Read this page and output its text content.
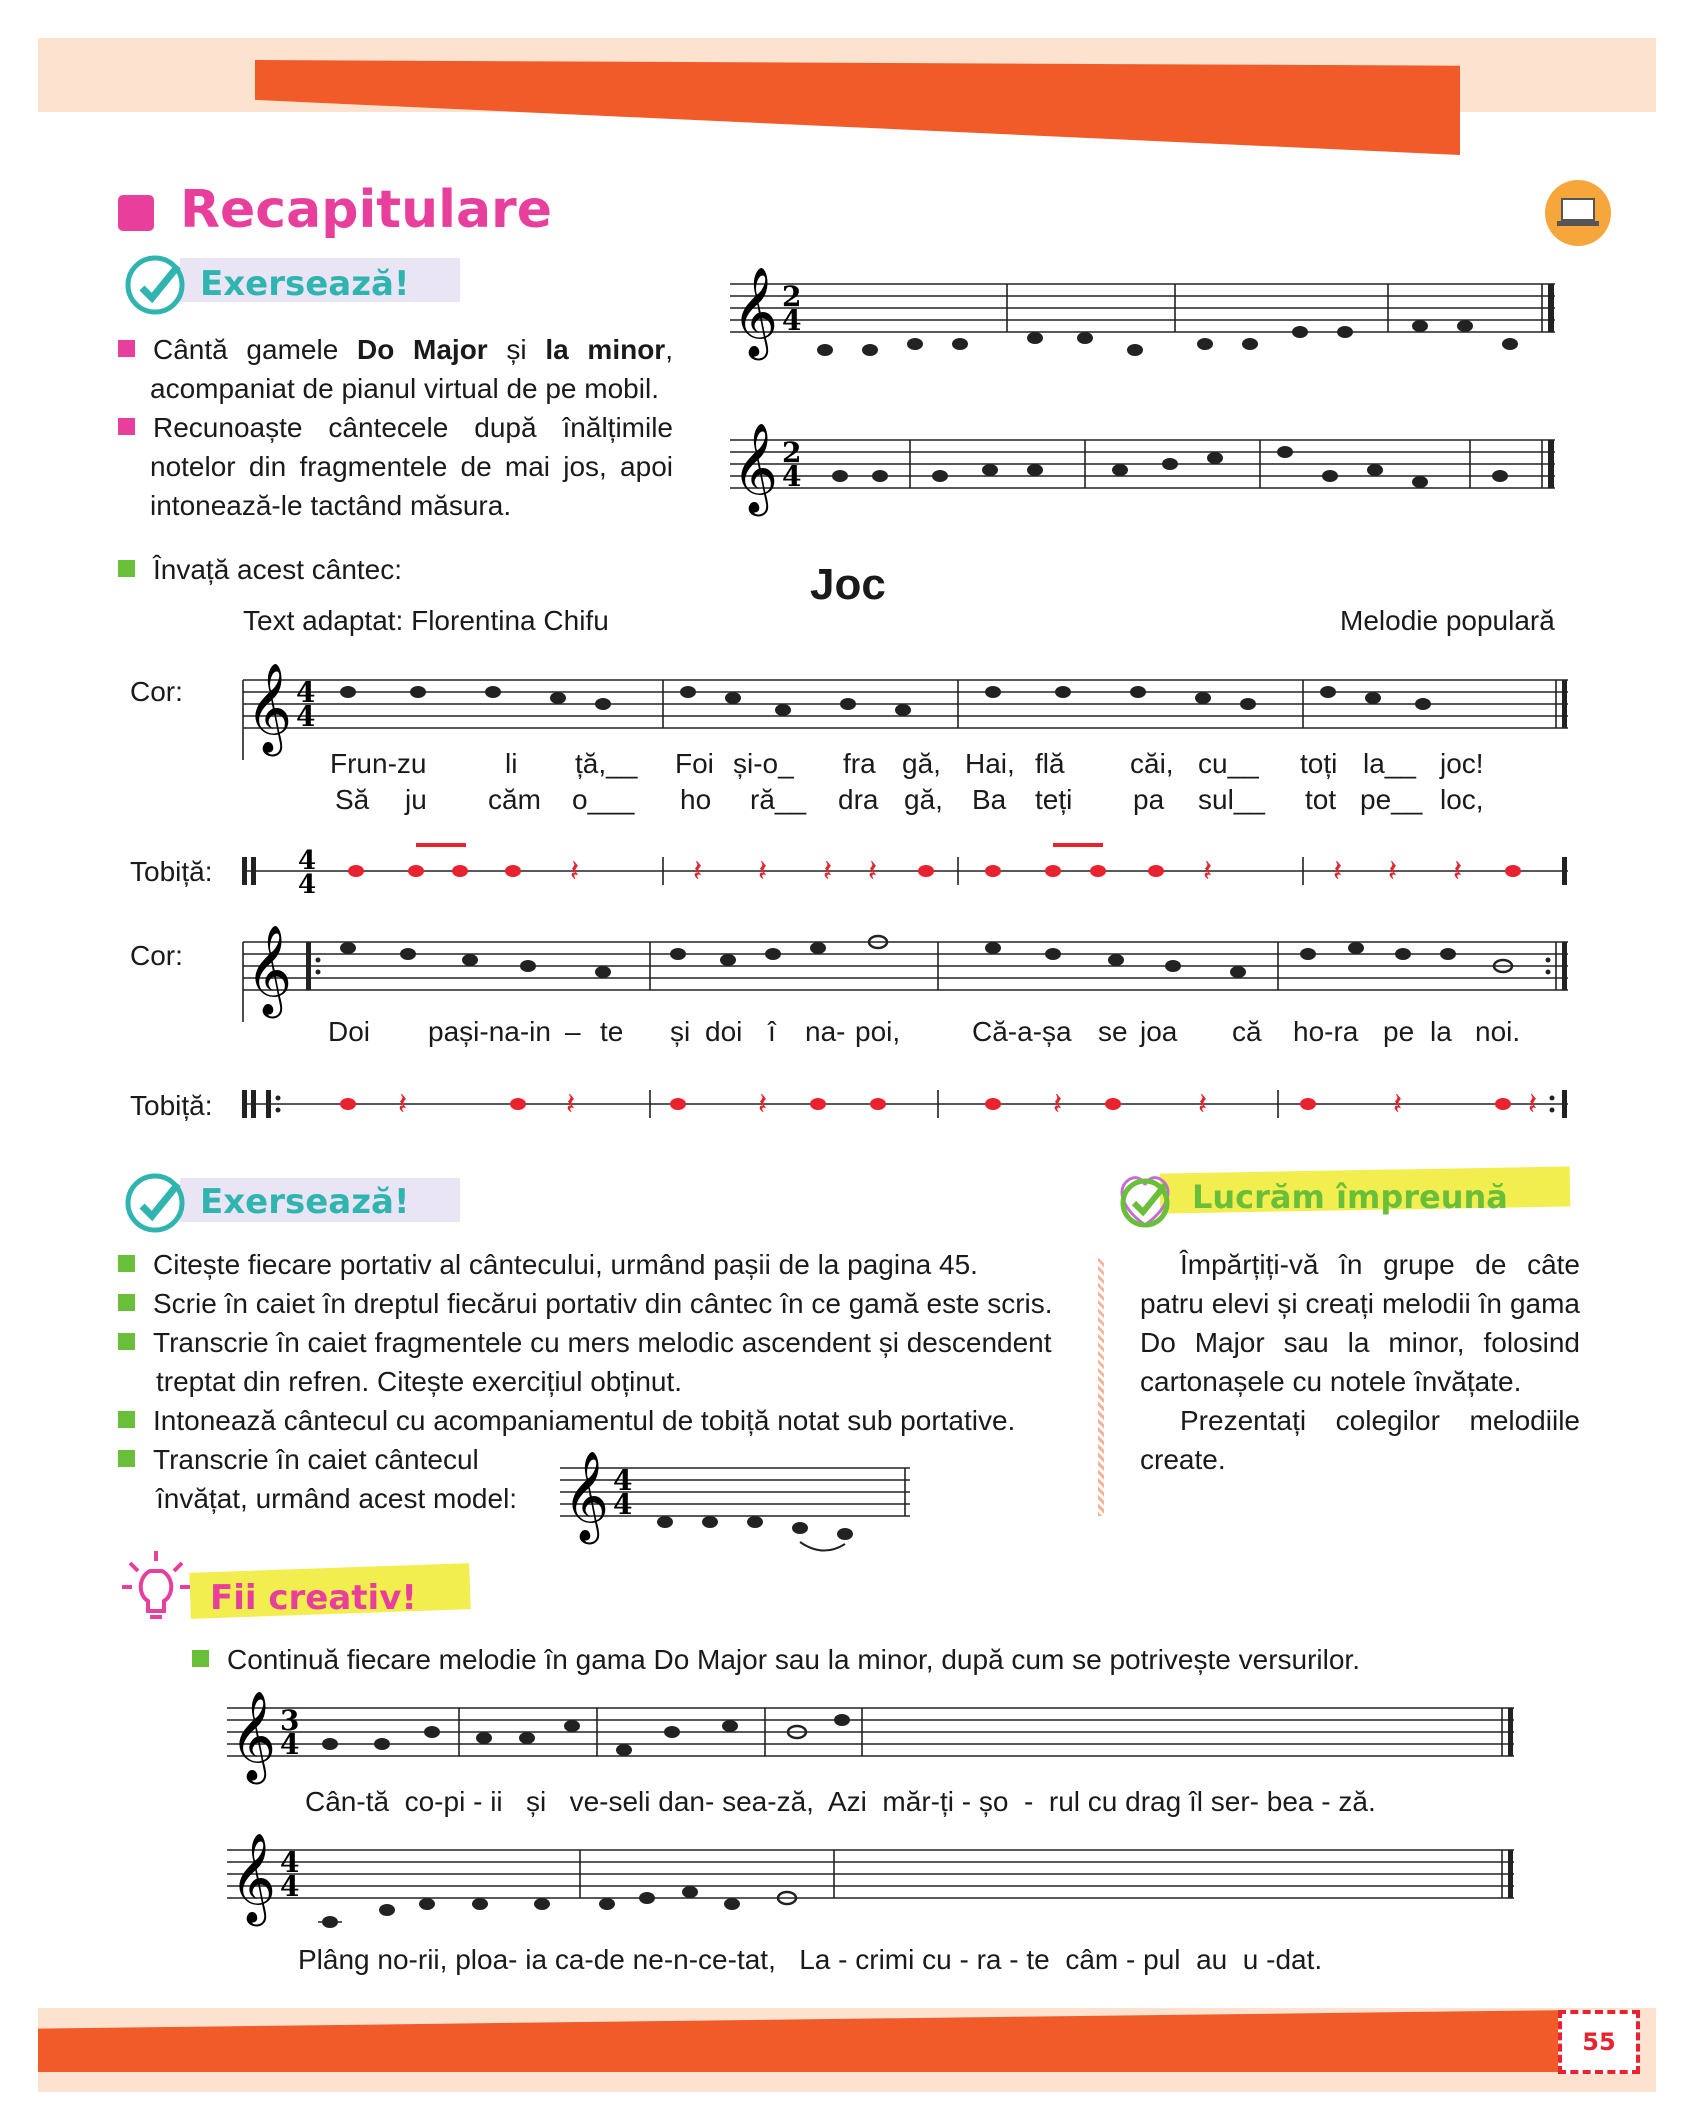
55
Recapitulare
Exersează!
Cântă gamele Do Major și la minor, acompaniat de pianul virtual de pe mobil.
Recunoaște cântecele după înălțimile notelor din fragmentele de mai jos, apoi intonează-le tactând măsura.
𝄞 2
4
𝄞 2
4
Învață acest cântec:	Joc
Text adaptat: Florentina Chifu	Melodie populară
Cor: 𝄞 4
4
Frun-zu	li ță,__ Foi și-o_ fra gă, Hai, flă căi, cu__ toți la__ joc!
Să ju căm o___ ho ră__ dra gă, Ba teți pa sul__ tot pe__ loc,
Tobiță:	4
4	𝄽	𝄽 𝄽 𝄽 𝄽	𝄽	𝄽 𝄽 𝄽
Cor: 𝄞
Doi pași-na-in – te și doi î na- poi,	Că-a-șa se joa că ho-ra pe la noi.
Tobiță:	𝄽	𝄽	𝄽	𝄽	𝄽	𝄽	𝄽
Exersează!
Citește fiecare portativ al cântecului, urmând pașii de la pagina 45.
Scrie în caiet în dreptul fiecărui portativ din cântec în ce gamă este scris.
Transcrie în caiet fragmentele cu mers melodic ascendent și descendent treptat din refren. Citește exercițiul obținut.
Intonează cântecul cu acompaniamentul de tobiță notat sub portative.
Transcrie în caiet cântecul învățat, urmând acest model: 𝄞 4
4
Lucrăm împreună
Împărțiți-vă în grupe de câte patru elevi și creați melodii în gama Do Major sau la minor, folosind cartonașele cu notele învățate.
Prezentați colegilor melodiile create.
Fii creativ!
Continuă fiecare melodie în gama Do Major sau la minor, după cum se potrivește versurilor.
𝄞 3
4
Cân-tă co-pi - ii și ve-seli dan- sea-ză, Azi măr-ți - șo - rul cu drag îl ser- bea - ză.
𝄞 4
4
Plâng no-rii, ploa- ia ca-de ne-n-ce-tat, La - crimi cu - ra - te câm - pul au u -dat.
